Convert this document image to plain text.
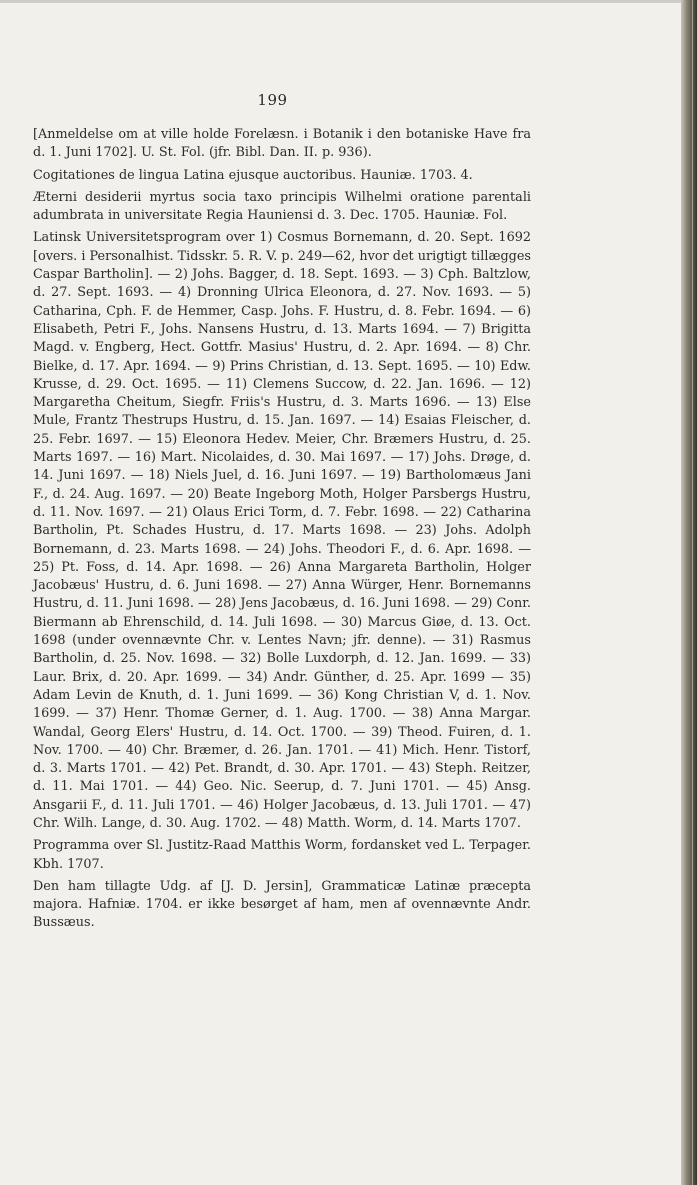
199

[Anmeldelse om at ville holde Forelæsn. i Botanik i den botaniske Have fra d. 1. Juni 1702]. U. St. Fol. (jfr. Bibl. Dan. II. p. 936).

Cogitationes de lingua Latina ejusque auctoribus. Hauniæ. 1703. 4.

Æterni desiderii myrtus socia taxo principis Wilhelmi oratione parentali adumbrata in universitate Regia Hauniensi d. 3. Dec. 1705. Hauniæ. Fol.

Latinsk Universitetsprogram over 1) Cosmus Bornemann, d. 20. Sept. 1692 [overs. i Personalhist. Tidsskr. 5. R. V. p. 249—62, hvor det urigtigt tillægges Caspar Bartholin]. — 2) Johs. Bagger, d. 18. Sept. 1693. — 3) Cph. Baltzlow, d. 27. Sept. 1693. — 4) Dronning Ulrica Eleonora, d. 27. Nov. 1693. — 5) Catharina, Cph. F. de Hemmer, Casp. Johs. F. Hustru, d. 8. Febr. 1694. — 6) Elisabeth, Petri F., Johs. Nansens Hustru, d. 13. Marts 1694. — 7) Brigitta Magd. v. Engberg, Hect. Gottfr. Masius' Hustru, d. 2. Apr. 1694. — 8) Chr. Bielke, d. 17. Apr. 1694. — 9) Prins Christian, d. 13. Sept. 1695. — 10) Edw. Krusse, d. 29. Oct. 1695. — 11) Clemens Succow, d. 22. Jan. 1696. — 12) Margaretha Cheitum, Siegfr. Friis's Hustru, d. 3. Marts 1696. — 13) Else Mule, Frantz Thestrups Hustru, d. 15. Jan. 1697. — 14) Esaias Fleischer, d. 25. Febr. 1697. — 15) Eleonora Hedev. Meier, Chr. Bræmers Hustru, d. 25. Marts 1697. — 16) Mart. Nicolaides, d. 30. Mai 1697. — 17) Johs. Drøge, d. 14. Juni 1697. — 18) Niels Juel, d. 16. Juni 1697. — 19) Bartholomæus Jani F., d. 24. Aug. 1697. — 20) Beate Ingeborg Moth, Holger Parsbergs Hustru, d. 11. Nov. 1697. — 21) Olaus Erici Torm, d. 7. Febr. 1698. — 22) Catharina Bartholin, Pt. Schades Hustru, d. 17. Marts 1698. — 23) Johs. Adolph Bornemann, d. 23. Marts 1698. — 24) Johs. Theodori F., d. 6. Apr. 1698. — 25) Pt. Foss, d. 14. Apr. 1698. — 26) Anna Margareta Bartholin, Holger Jacobæus' Hustru, d. 6. Juni 1698. — 27) Anna Würger, Henr. Bornemanns Hustru, d. 11. Juni 1698. — 28) Jens Jacobæus, d. 16. Juni 1698. — 29) Conr. Biermann ab Ehrenschild, d. 14. Juli 1698. — 30) Marcus Giøe, d. 13. Oct. 1698 (under ovennævnte Chr. v. Lentes Navn; jfr. denne). — 31) Rasmus Bartholin, d. 25. Nov. 1698. — 32) Bolle Luxdorph, d. 12. Jan. 1699. — 33) Laur. Brix, d. 20. Apr. 1699. — 34) Andr. Günther, d. 25. Apr. 1699 — 35) Adam Levin de Knuth, d. 1. Juni 1699. — 36) Kong Christian V, d. 1. Nov. 1699. — 37) Henr. Thomæ Gerner, d. 1. Aug. 1700. — 38) Anna Margar. Wandal, Georg Elers' Hustru, d. 14. Oct. 1700. — 39) Theod. Fuiren, d. 1. Nov. 1700. — 40) Chr. Bræmer, d. 26. Jan. 1701. — 41) Mich. Henr. Tistorf, d. 3. Marts 1701. — 42) Pet. Brandt, d. 30. Apr. 1701. — 43) Steph. Reitzer, d. 11. Mai 1701. — 44) Geo. Nic. Seerup, d. 7. Juni 1701. — 45) Ansg. Ansgarii F., d. 11. Juli 1701. — 46) Holger Jacobæus, d. 13. Juli 1701. — 47) Chr. Wilh. Lange, d. 30. Aug. 1702. — 48) Matth. Worm, d. 14. Marts 1707.

Programma over Sl. Justitz-Raad Matthis Worm, fordansket ved L. Terpager. Kbh. 1707.

Den ham tillagte Udg. af [J. D. Jersin], Grammaticæ Latinæ præcepta majora. Hafniæ. 1704. er ikke besørget af ham, men af ovennævnte Andr. Bussæus.
